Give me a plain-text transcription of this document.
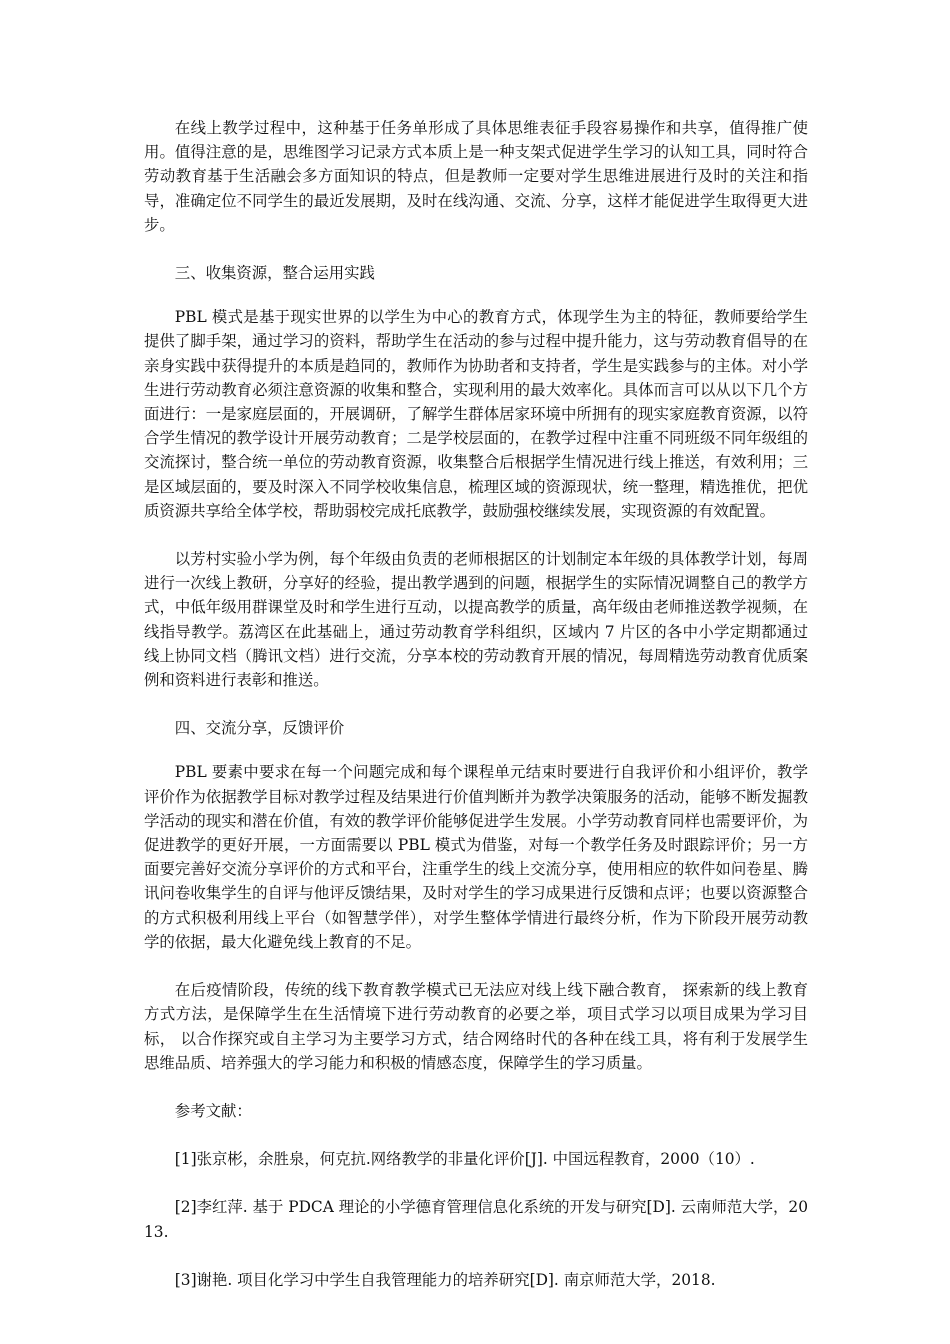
在线上教学过程中，这种基于任务单形成了具体思维表征手段容易操作和共享，值得推广使用。值得注意的是，思维图学习记录方式本质上是一种支架式促进学生学习的认知工具，同时符合劳动教育基于生活融会多方面知识的特点，但是教师一定要对学生思维进展进行及时的关注和指导，准确定位不同学生的最近发展期，及时在线沟通、交流、分享，这样才能促进学生取得更大进步。

三、收集资源，整合运用实践

PBL 模式是基于现实世界的以学生为中心的教育方式，体现学生为主的特征，教师要给学生提供了脚手架，通过学习的资料，帮助学生在活动的参与过程中提升能力，这与劳动教育倡导的在亲身实践中获得提升的本质是趋同的，教师作为协助者和支持者，学生是实践参与的主体。对小学生进行劳动教育必须注意资源的收集和整合，实现利用的最大效率化。具体而言可以从以下几个方面进行：一是家庭层面的，开展调研，了解学生群体居家环境中所拥有的现实家庭教育资源，以符合学生情况的教学设计开展劳动教育；二是学校层面的，在教学过程中注重不同班级不同年级组的交流探讨，整合统一单位的劳动教育资源，收集整合后根据学生情况进行线上推送，有效利用；三是区域层面的，要及时深入不同学校收集信息，梳理区域的资源现状，统一整理，精选推优，把优质资源共享给全体学校，帮助弱校完成托底教学，鼓励强校继续发展，实现资源的有效配置。

以芳村实验小学为例，每个年级由负责的老师根据区的计划制定本年级的具体教学计划，每周进行一次线上教研，分享好的经验，提出教学遇到的问题，根据学生的实际情况调整自己的教学方式，中低年级用群课堂及时和学生进行互动，以提高教学的质量，高年级由老师推送教学视频，在线指导教学。荔湾区在此基础上，通过劳动教育学科组织，区域内 7 片区的各中小学定期都通过线上协同文档（腾讯文档）进行交流，分享本校的劳动教育开展的情况，每周精选劳动教育优质案例和资料进行表彰和推送。

四、交流分享，反馈评价

PBL 要素中要求在每一个问题完成和每个课程单元结束时要进行自我评价和小组评价，教学评价作为依据教学目标对教学过程及结果进行价值判断并为教学决策服务的活动，能够不断发掘教学活动的现实和潜在价值，有效的教学评价能够促进学生发展。小学劳动教育同样也需要评价，为促进教学的更好开展，一方面需要以 PBL 模式为借鉴，对每一个教学任务及时跟踪评价；另一方面要完善好交流分享评价的方式和平台，注重学生的线上交流分享，使用相应的软件如问卷星、腾讯问卷收集学生的自评与他评反馈结果，及时对学生的学习成果进行反馈和点评；也要以资源整合的方式积极利用线上平台（如智慧学伴），对学生整体学情进行最终分析，作为下阶段开展劳动教学的依据，最大化避免线上教育的不足。

在后疫情阶段，传统的线下教育教学模式已无法应对线上线下融合教育， 探索新的线上教育方式方法，是保障学生在生活情境下进行劳动教育的必要之举，项目式学习以项目成果为学习目标， 以合作探究或自主学习为主要学习方式，结合网络时代的各种在线工具，将有利于发展学生思维品质、培养强大的学习能力和积极的情感态度，保障学生的学习质量。

参考文献：

[1]张京彬，余胜泉，何克抗.网络教学的非量化评价[J]. 中国远程教育，2000（10）.

[2]李红萍. 基于 PDCA 理论的小学德育管理信息化系统的开发与研究[D]. 云南师范大学，2013.

[3]谢艳. 项目化学习中学生自我管理能力的培养研究[D]. 南京师范大学，2018.
